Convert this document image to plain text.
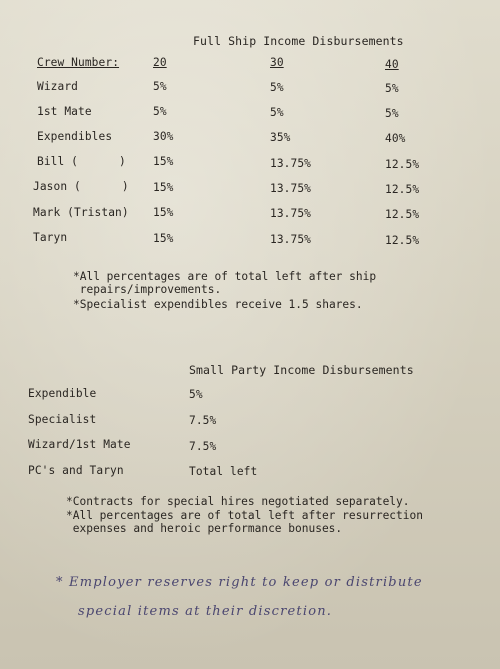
Full Ship Income Disbursements
Crew Number:	20	30	40
Wizard	5%	5%	5%
1st Mate	5%	5%	5%
Expendibles	30%	35%	40%
Bill (      ) 15%	13.75%	12.5%
Jason (      ) 15%	13.75%	12.5%
Mark (Tristan) 15%	13.75%	12.5%
Taryn	15%	13.75%	12.5%
*All percentages are of total left after ship
repairs/improvements.
*Specialist expendibles receive 1.5 shares.
Small Party Income Disbursements
Expendible	5%
Specialist	7.5%
Wizard/1st Mate	7.5%
PC's and Taryn	Total left
*Contracts for special hires negotiated separately.
*All percentages are of total left after resurrection
expenses and heroic performance bonuses.
* Employer reserves right to keep or distribute
special items at their discretion.
